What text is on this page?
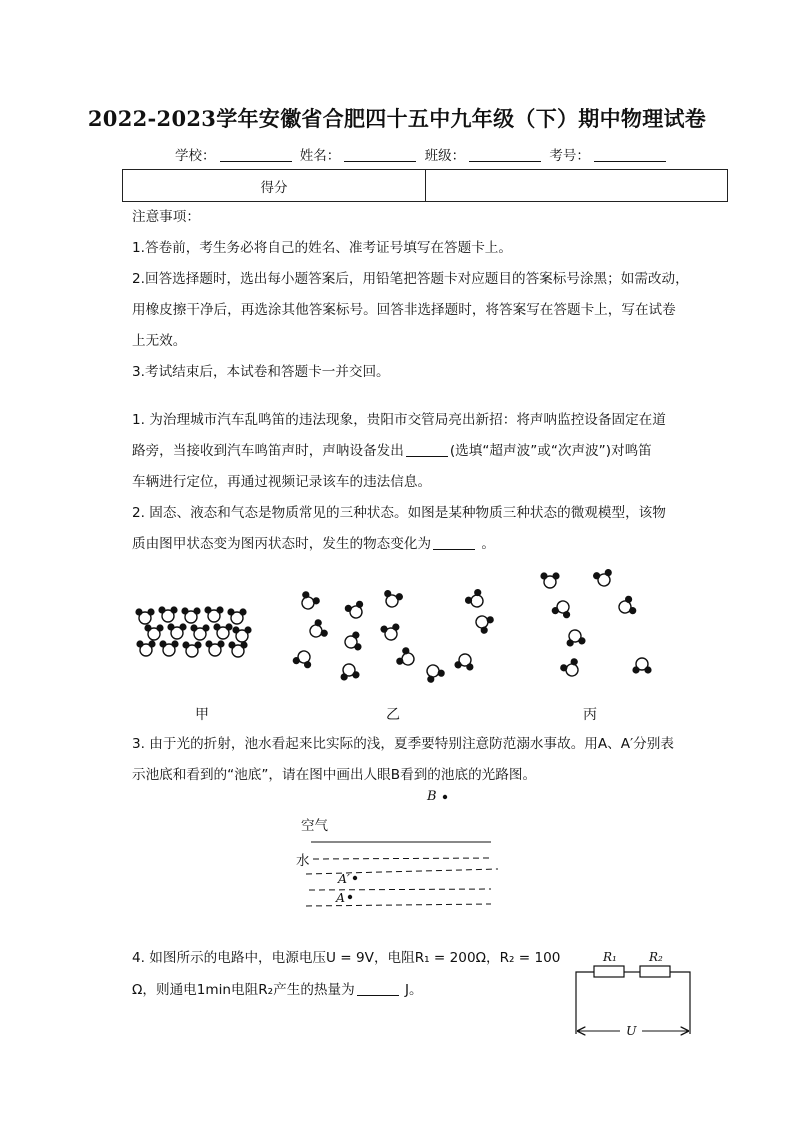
2022-2023学年安徽省合肥四十五中九年级（下）期中物理试卷
学校：	姓名：	班级：	考号：
得分
注意事项：
1.答卷前，考生务必将自己的姓名、准考证号填写在答题卡上。
2.回答选择题时，选出每小题答案后，用铅笔把答题卡对应题目的答案标号涂黑；如需改动，
用橡皮擦干净后，再选涂其他答案标号。回答非选择题时，将答案写在答题卡上，写在试卷
上无效。
3.考试结束后，本试卷和答题卡一并交回。
1. 为治理城市汽车乱鸣笛的违法现象，贵阳市交管局亮出新招：将声呐监控设备固定在道
路旁，当接收到汽车鸣笛声时，声呐设备发出	(选填“超声波”或“次声波”)对鸣笛
车辆进行定位，再通过视频记录该车的违法信息。
2. 固态、液态和气态是物质常见的三种状态。如图是某种物质三种状态的微观模型，该物
质由图甲状态变为图丙状态时，发生的物态变化为	。
甲	乙	丙
3. 由于光的折射，池水看起来比实际的浅，夏季要特别注意防范溺水事故。用A、A′分别表
示池底和看到的“池底”，请在图中画出人眼B看到的池底的光路图。
B
空气
水
A′
A
4. 如图所示的电路中，电源电压U = 9V，电阻R₁ = 200Ω，R₂ = 100
Ω，则通电1min电阻R₂产生的热量为	J。
R₁	R₂
U
